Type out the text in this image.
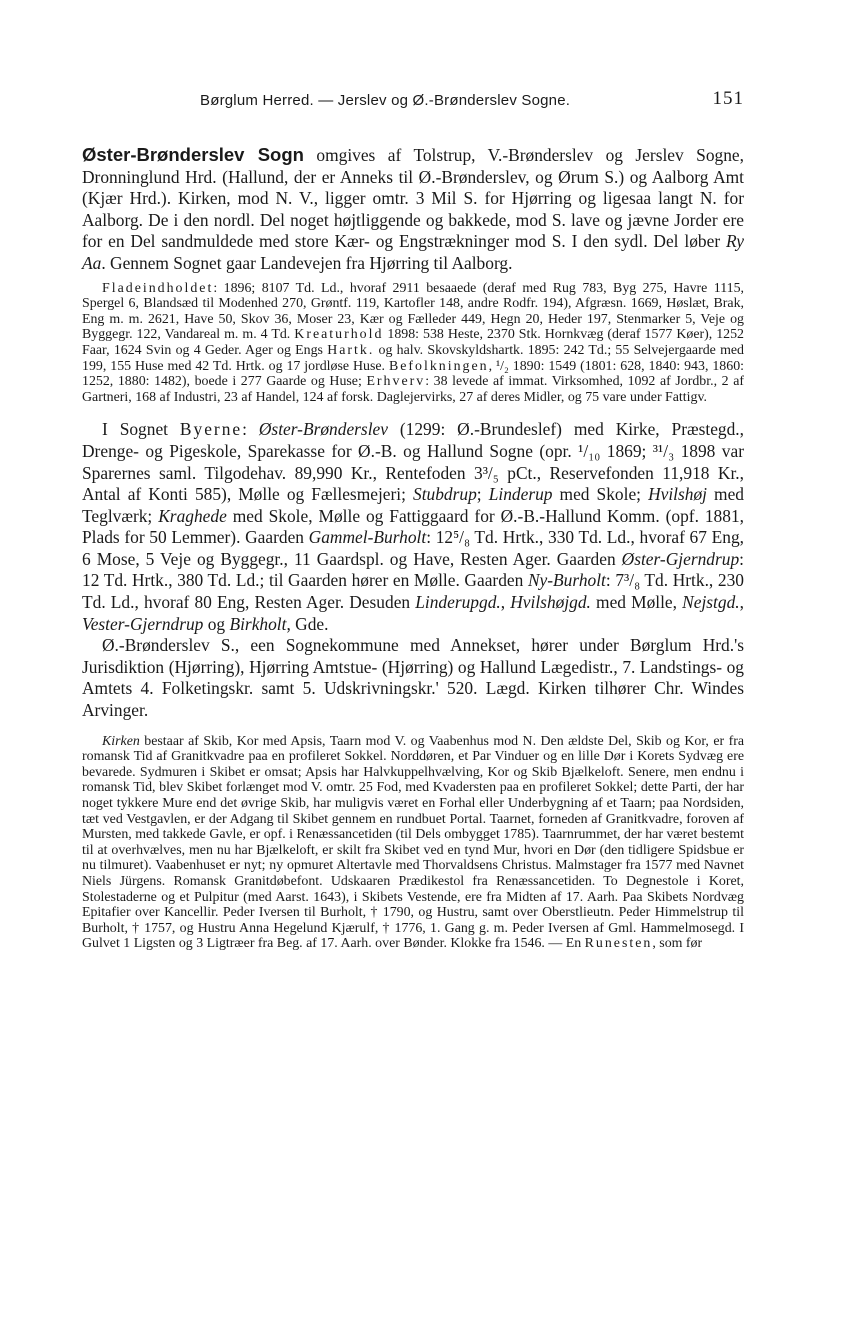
Børglum Herred. — Jerslev og Ø.-Brønderslev Sogne.	151

Øster-Brønderslev Sogn omgives af Tolstrup, V.-Brønderslev og Jerslev Sogne, Dronninglund Hrd. (Hallund, der er Anneks til Ø.-Brønderslev, og Ørum S.) og Aalborg Amt (Kjær Hrd.). Kirken, mod N. V., ligger omtr. 3 Mil S. for Hjørring og ligesaa langt N. for Aalborg. De i den nordl. Del noget højtliggende og bakkede, mod S. lave og jævne Jorder ere for en Del sandmuldede med store Kær- og Engstrækninger mod S. I den sydl. Del løber Ry Aa. Gennem Sognet gaar Landevejen fra Hjørring til Aalborg.

Fladeindholdet: 1896; 8107 Td. Ld., hvoraf 2911 besaaede (deraf med Rug 783, Byg 275, Havre 1115, Spergel 6, Blandsæd til Modenhed 270, Grøntf. 119, Kartofler 148, andre Rodfr. 194), Afgræsn. 1669, Høslæt, Brak, Eng m. m. 2621, Have 50, Skov 36, Moser 23, Kær og Fælleder 449, Hegn 20, Heder 197, Stenmarker 5, Veje og Byggegr. 122, Vandareal m. m. 4 Td. Kreaturhold 1898: 538 Heste, 2370 Stk. Hornkvæg (deraf 1577 Køer), 1252 Faar, 1624 Svin og 4 Geder. Ager og Engs Hartk. og halv. Skovskyldshartk. 1895: 242 Td.; 55 Selvejergaarde med 199, 155 Huse med 42 Td. Hrtk. og 17 jordløse Huse. Befolkningen, ¹/₂ 1890: 1549 (1801: 628, 1840: 943, 1860: 1252, 1880: 1482), boede i 277 Gaarde og Huse; Erhverv: 38 levede af immat. Virksomhed, 1092 af Jordbr., 2 af Gartneri, 168 af Industri, 23 af Handel, 124 af forsk. Daglejervirks, 27 af deres Midler, og 75 vare under Fattigv.

I Sognet Byerne: Øster-Brønderslev (1299: Ø.-Brundeslef) med Kirke, Præstegd., Drenge- og Pigeskole, Sparekasse for Ø.-B. og Hallund Sogne (opr. ¹/₁₀ 1869; ³¹/₃ 1898 var Sparernes saml. Tilgodehav. 89,990 Kr., Rentefoden 3³/₅ pCt., Reservefonden 11,918 Kr., Antal af Konti 585), Mølle og Fællesmejeri; Stubdrup; Linderup med Skole; Hvilshøj med Teglværk; Kraghede med Skole, Mølle og Fattiggaard for Ø.-B.-Hallund Komm. (opf. 1881, Plads for 50 Lemmer). Gaarden Gammel-Burholt: 12⁵/₈ Td. Hrtk., 330 Td. Ld., hvoraf 67 Eng, 6 Mose, 5 Veje og Byggegr., 11 Gaardspl. og Have, Resten Ager. Gaarden Øster-Gjerndrup: 12 Td. Hrtk., 380 Td. Ld.; til Gaarden hører en Mølle. Gaarden Ny-Burholt: 7³/₈ Td. Hrtk., 230 Td. Ld., hvoraf 80 Eng, Resten Ager. Desuden Linderupgd., Hvilshøjgd. med Mølle, Nejstgd., Vester-Gjerndrup og Birkholt, Gde.

Ø.-Brønderslev S., een Sognekommune med Annekset, hører under Børglum Hrd.'s Jurisdiktion (Hjørring), Hjørring Amtstue- (Hjørring) og Hallund Lægedistr., 7. Landstings- og Amtets 4. Folketingskr. samt 5. Udskrivningskr.' 520. Lægd. Kirken tilhører Chr. Windes Arvinger.

Kirken bestaar af Skib, Kor med Apsis, Taarn mod V. og Vaabenhus mod N. Den ældste Del, Skib og Kor, er fra romansk Tid af Granitkvadre paa en profileret Sokkel. Norddøren, et Par Vinduer og en lille Dør i Korets Sydvæg ere bevarede. Sydmuren i Skibet er omsat; Apsis har Halvkuppelhvælving, Kor og Skib Bjælkeloft. Senere, men endnu i romansk Tid, blev Skibet forlænget mod V. omtr. 25 Fod, med Kvadersten paa en profileret Sokkel; dette Parti, der har noget tykkere Mure end det øvrige Skib, har muligvis været en Forhal eller Underbygning af et Taarn; paa Nordsiden, tæt ved Vestgavlen, er der Adgang til Skibet gennem en rundbuet Portal. Taarnet, forneden af Granitkvadre, foroven af Mursten, med takkede Gavle, er opf. i Renæssancetiden (til Dels ombygget 1785). Taarnrummet, der har været bestemt til at overhvælves, men nu har Bjælkeloft, er skilt fra Skibet ved en tynd Mur, hvori en Dør (den tidligere Spidsbue er nu tilmuret). Vaabenhuset er nyt; ny opmuret Altertavle med Thorvaldsens Christus. Malmstager fra 1577 med Navnet Niels Jürgens. Romansk Granitdøbefont. Udskaaren Prædikestol fra Renæssancetiden. To Degnestole i Koret, Stolestaderne og et Pulpitur (med Aarst. 1643), i Skibets Vestende, ere fra Midten af 17. Aarh. Paa Skibets Nordvæg Epitafier over Kancellir. Peder Iversen til Burholt, † 1790, og Hustru, samt over Oberstlieutn. Peder Himmelstrup til Burholt, † 1757, og Hustru Anna Hegelund Kjærulf, † 1776, 1. Gang g. m. Peder Iversen af Gml. Hammelmosegd. I Gulvet 1 Ligsten og 3 Ligtræer fra Beg. af 17. Aarh. over Bønder. Klokke fra 1546. — En Runesten, som før
